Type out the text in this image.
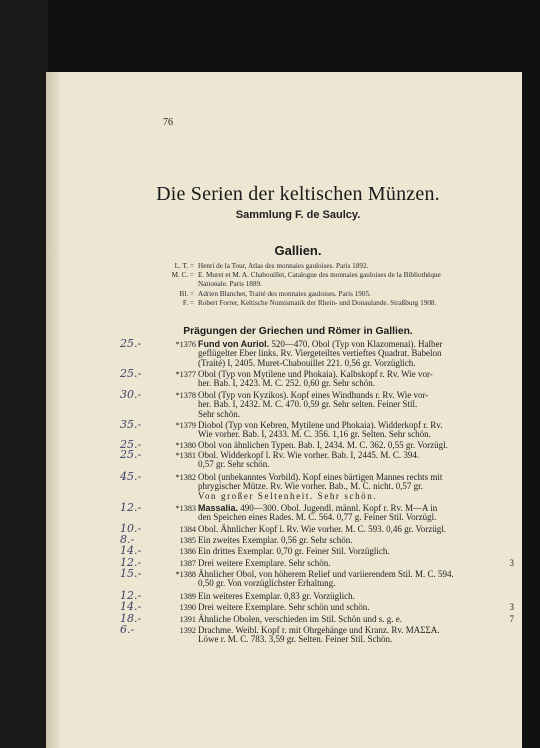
76
Die Serien der keltischen Münzen.
Sammlung F. de Saulcy.
Gallien.
L. T. = Henri de la Tour, Atlas des monnaies gauloises. Paris 1892.
M. C. = E. Muret et M. A. Chabouillet, Catalogue des monnaies gauloises de la Bibliothèque
Nationale. Paris 1889.
Bl. = Adrien Blanchet, Traité des monnaies gauloises. Paris 1905.
F. = Robert Forrer, Keltische Numismatik der Rhein- und Donaulande. Straßburg 1908.
Prägungen der Griechen und Römer in Gallien.
25.-	*1376 Fund von Auriol. 520—470. Obol (Typ von Klazomenai). Halber
geflügelter Eber links. Rv. Viergeteiltes vertieftes Quadrat. Babelon
(Traité) I, 2405. Muret-Chabouillet 221. 0,56 gr. Vorzüglich.
25.-	*1377 Obol (Typ von Mytilene und Phokaia). Kalbskopf r. Rv. Wie vor-
her. Bab. I, 2423. M. C. 252. 0,60 gr. Sehr schön.
30.-	*1378 Obol (Typ von Kyzikos). Kopf eines Windhunds r. Rv. Wie vor-
her. Bab. I, 2432. M. C. 470. 0,59 gr. Sehr selten. Feiner Stil.
Sehr schön.
35.-	*1379 Diobol (Typ von Kebren, Mytilene und Phokaia). Widderkopf r. Rv.
Wie vorher. Bab. I, 2433. M. C. 356. 1,16 gr. Selten. Sehr schön.
25.-	*1380 Obol von ähnlichen Typen. Bab. I, 2434. M. C. 362. 0,55 gr. Vorzügl.
25.-	*1381 Obol. Widderkopf l. Rv. Wie vorher. Bab. I, 2445. M. C. 394.
0,57 gr. Sehr schön.
45.-	*1382 Obol (unbekanntes Vorbild). Kopf eines bärtigen Mannes rechts mit
phrygischer Mütze. Rv. Wie vorher. Bab., M. C. nicht. 0,57 gr.
Von großer Seltenheit. Sehr schön.
12.-	*1383 Massalia. 490—300. Obol. Jugendl. männl. Kopf r. Rv. M—A in
den Speichen eines Rades. M. C. 564. 0,77 g. Feiner Stil. Vorzügl.
10.-	1384 Obol. Ähnlicher Kopf l. Rv. Wie vorher. M. C. 593. 0,46 gr. Vorzügl.
8.-	1385 Ein zweites Exemplar. 0,56 gr. Sehr schön.
14.-	1386 Ein drittes Exemplar. 0,70 gr. Feiner Stil. Vorzüglich.
12.-	1387 Drei weitere Exemplare. Sehr schön.	3
15.-	*1388 Ähnlicher Obol, von höherem Relief und variierendem Stil. M. C. 594.
0,50 gr. Von vorzüglichster Erhaltung.
12.-	1389 Ein weiteres Exemplar. 0,83 gr. Vorzüglich.
14.-	1390 Drei weitere Exemplare. Sehr schön und schön.	3
18.-	1391 Ähnliche Obolen, verschieden im Stil. Schön und s. g. e.	7
6.-	1392 Drachme. Weibl. Kopf r. mit Ohrgehänge und Kranz. Rv. ΜΑΣΣΑ.
Löwe r. M. C. 783. 3,59 gr. Selten. Feiner Stil. Schön.
